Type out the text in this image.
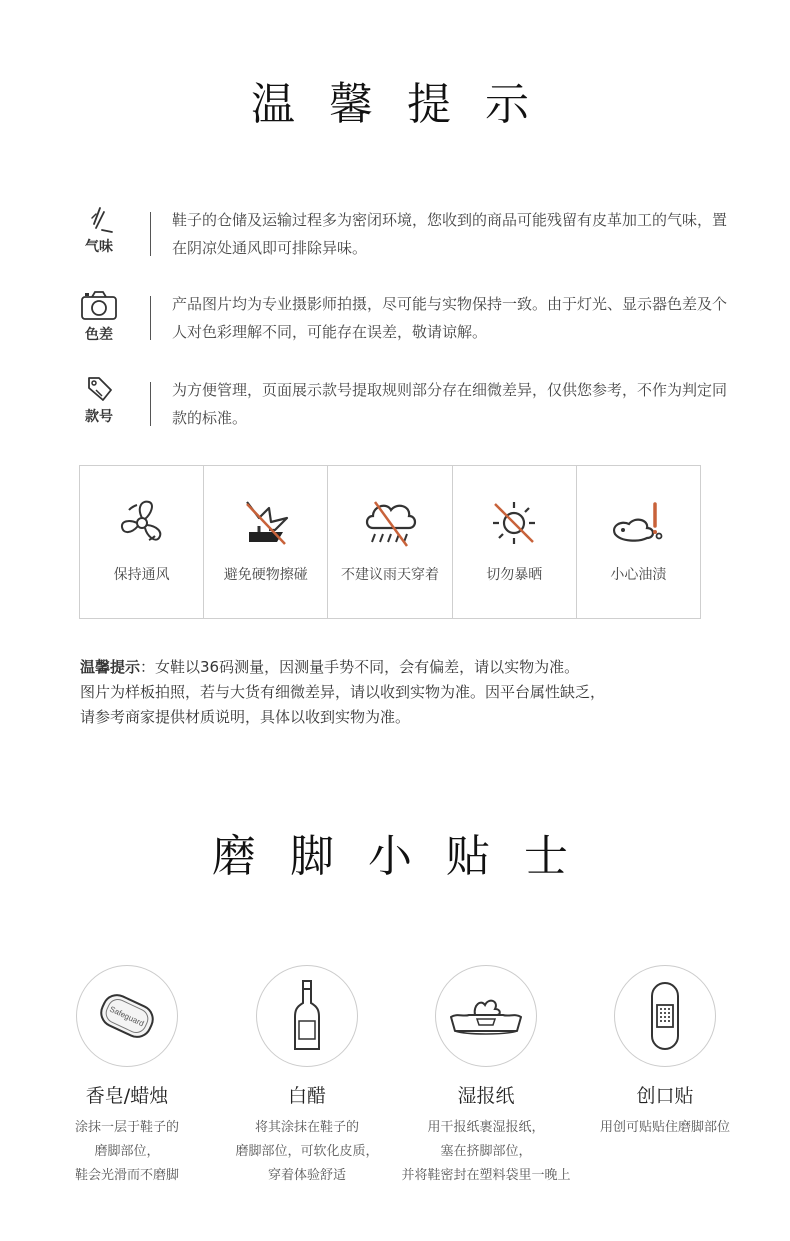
温 馨 提 示
气味

鞋子的仓储及运输过程多为密闭环境，您收到的商品可能残留有皮革加工的气味，置在阴凉处通风即可排除异味。

色差

产品图片均为专业摄影师拍摄，尽可能与实物保持一致。由于灯光、显示器色差及个人对色彩理解不同，可能存在误差，敬请谅解。

款号

为方便管理，页面展示款号提取规则部分存在细微差异，仅供您参考，不作为判定同款的标准。

保持通风	避免硬物擦碰	不建议雨天穿着	切勿暴晒	小心油渍
温馨提示：女鞋以36码测量，因测量手势不同，会有偏差，请以实物为准。
图片为样板拍照，若与大货有细微差异，请以收到实物为准。因平台属性缺乏，
请参考商家提供材质说明，具体以收到实物为准。
磨 脚 小 贴 士
Safeguard
香皂/蜡烛
涂抹一层于鞋子的
磨脚部位，
鞋会光滑而不磨脚
白醋
将其涂抹在鞋子的
磨脚部位，可软化皮质，
穿着体验舒适
湿报纸
用干报纸裹湿报纸，
塞在挤脚部位，
并将鞋密封在塑料袋里一晚上
创口贴
用创可贴贴住磨脚部位
